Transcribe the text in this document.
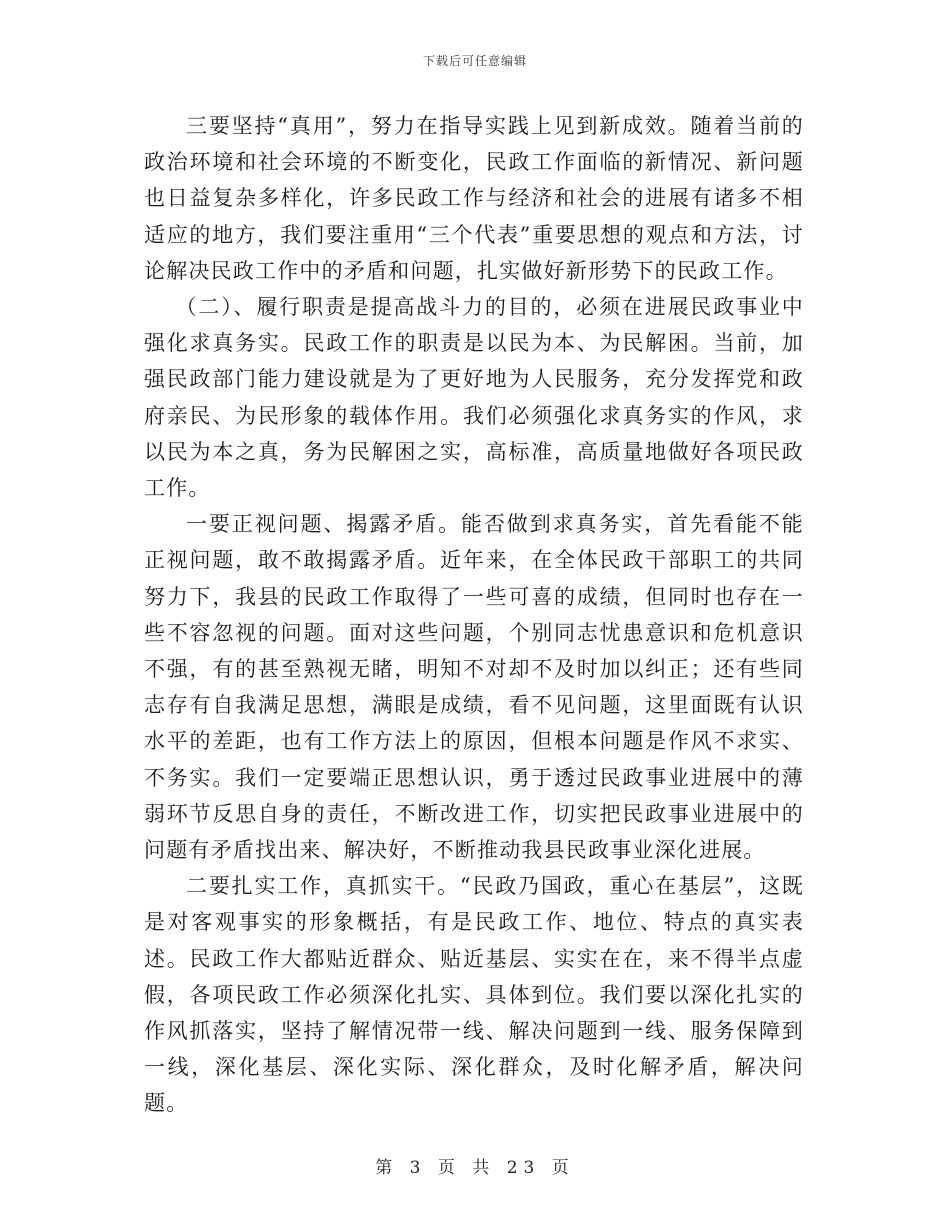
下载后可任意编辑

三要坚持“真用”，努力在指导实践上见到新成效。随着当前的政治环境和社会环境的不断变化，民政工作面临的新情况、新问题也日益复杂多样化，许多民政工作与经济和社会的进展有诸多不相适应的地方，我们要注重用“三个代表”重要思想的观点和方法，讨论解决民政工作中的矛盾和问题，扎实做好新形势下的民政工作。

（二）、履行职责是提高战斗力的目的，必须在进展民政事业中强化求真务实。民政工作的职责是以民为本、为民解困。当前，加强民政部门能力建设就是为了更好地为人民服务，充分发挥党和政府亲民、为民形象的载体作用。我们必须强化求真务实的作风，求以民为本之真，务为民解困之实，高标准，高质量地做好各项民政工作。

一要正视问题、揭露矛盾。能否做到求真务实，首先看能不能正视问题，敢不敢揭露矛盾。近年来，在全体民政干部职工的共同努力下，我县的民政工作取得了一些可喜的成绩，但同时也存在一些不容忽视的问题。面对这些问题，个别同志忧患意识和危机意识不强，有的甚至熟视无睹，明知不对却不及时加以纠正；还有些同志存有自我满足思想，满眼是成绩，看不见问题，这里面既有认识水平的差距，也有工作方法上的原因，但根本问题是作风不求实、不务实。我们一定要端正思想认识，勇于透过民政事业进展中的薄弱环节反思自身的责任，不断改进工作，切实把民政事业进展中的问题有矛盾找出来、解决好，不断推动我县民政事业深化进展。

二要扎实工作，真抓实干。“民政乃国政，重心在基层”，这既是对客观事实的形象概括，有是民政工作、地位、特点的真实表述。民政工作大都贴近群众、贴近基层、实实在在，来不得半点虚假，各项民政工作必须深化扎实、具体到位。我们要以深化扎实的作风抓落实，坚持了解情况带一线、解决问题到一线、服务保障到一线，深化基层、深化实际、深化群众，及时化解矛盾，解决问题。

第 3 页 共 23 页
